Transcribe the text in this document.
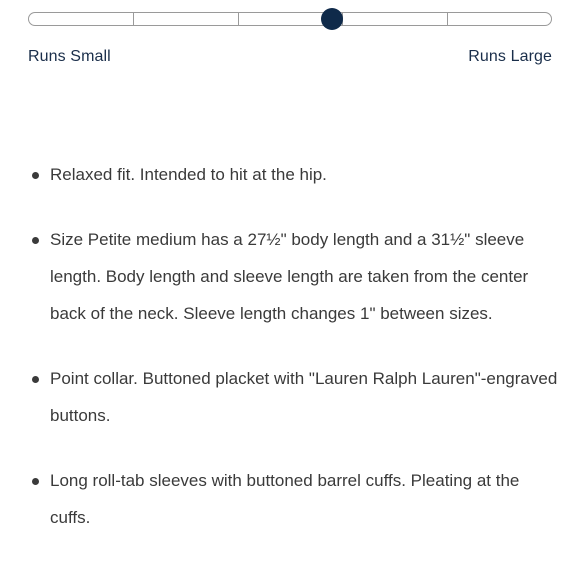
Runs Small	Runs Large
Relaxed fit. Intended to hit at the hip.
Size Petite medium has a 27½" body length and a 31½" sleeve length. Body length and sleeve length are taken from the center back of the neck. Sleeve length changes 1" between sizes.
Point collar. Buttoned placket with "Lauren Ralph Lauren"-engraved buttons.
Long roll-tab sleeves with buttoned barrel cuffs. Pleating at the cuffs.
